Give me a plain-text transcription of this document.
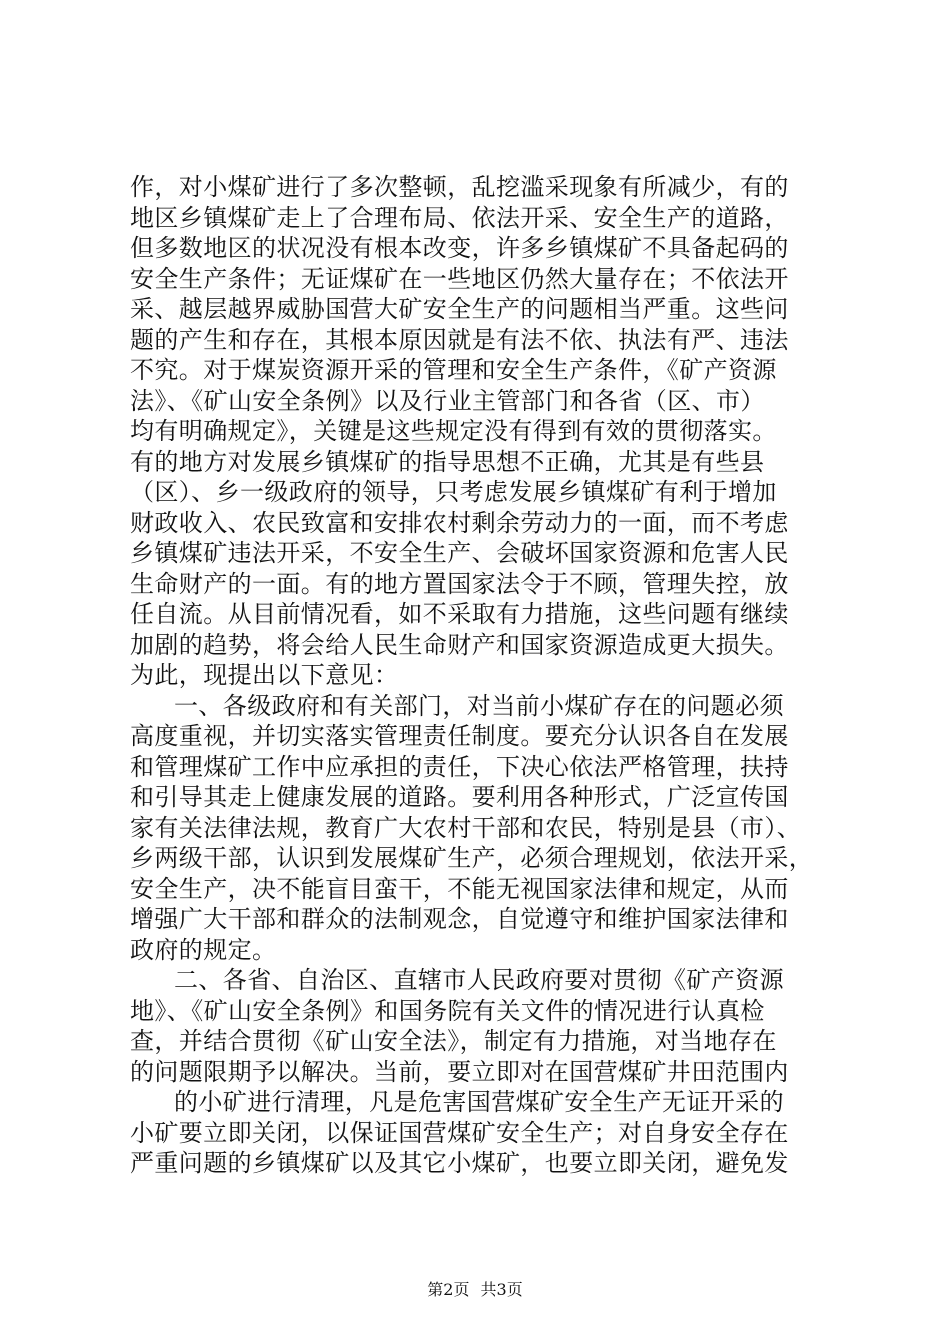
作，对小煤矿进行了多次整顿，乱挖滥采现象有所减少，有的
地区乡镇煤矿走上了合理布局、依法开采、安全生产的道路，
但多数地区的状况没有根本改变，许多乡镇煤矿不具备起码的
安全生产条件；无证煤矿在一些地区仍然大量存在；不依法开
采、越层越界威胁国营大矿安全生产的问题相当严重。这些问
题的产生和存在，其根本原因就是有法不依、执法有严、违法
不究。对于煤炭资源开采的管理和安全生产条件，《矿产资源
法》、《矿山安全条例》以及行业主管部门和各省（区、市）
均有明确规定》，关键是这些规定没有得到有效的贯彻落实。
有的地方对发展乡镇煤矿的指导思想不正确，尤其是有些县
（区）、乡一级政府的领导，只考虑发展乡镇煤矿有利于增加
财政收入、农民致富和安排农村剩余劳动力的一面，而不考虑
乡镇煤矿违法开采，不安全生产、会破坏国家资源和危害人民
生命财产的一面。有的地方置国家法令于不顾，管理失控，放
任自流。从目前情况看，如不采取有力措施，这些问题有继续
加剧的趋势，将会给人民生命财产和国家资源造成更大损失。
为此，现提出以下意见：
一、各级政府和有关部门，对当前小煤矿存在的问题必须
高度重视，并切实落实管理责任制度。要充分认识各自在发展
和管理煤矿工作中应承担的责任，下决心依法严格管理，扶持
和引导其走上健康发展的道路。要利用各种形式，广泛宣传国
家有关法律法规，教育广大农村干部和农民，特别是县（市）、
乡两级干部，认识到发展煤矿生产，必须合理规划，依法开采，
安全生产，决不能盲目蛮干，不能无视国家法律和规定，从而
增强广大干部和群众的法制观念，自觉遵守和维护国家法律和
政府的规定。
二、各省、自治区、直辖市人民政府要对贯彻《矿产资源
地》、《矿山安全条例》和国务院有关文件的情况进行认真检
查，并结合贯彻《矿山安全法》，制定有力措施，对当地存在
的问题限期予以解决。当前，要立即对在国营煤矿井田范围内
的小矿进行清理，凡是危害国营煤矿安全生产无证开采的
小矿要立即关闭，以保证国营煤矿安全生产；对自身安全存在
严重问题的乡镇煤矿以及其它小煤矿，也要立即关闭，避免发
第2页 共3页
